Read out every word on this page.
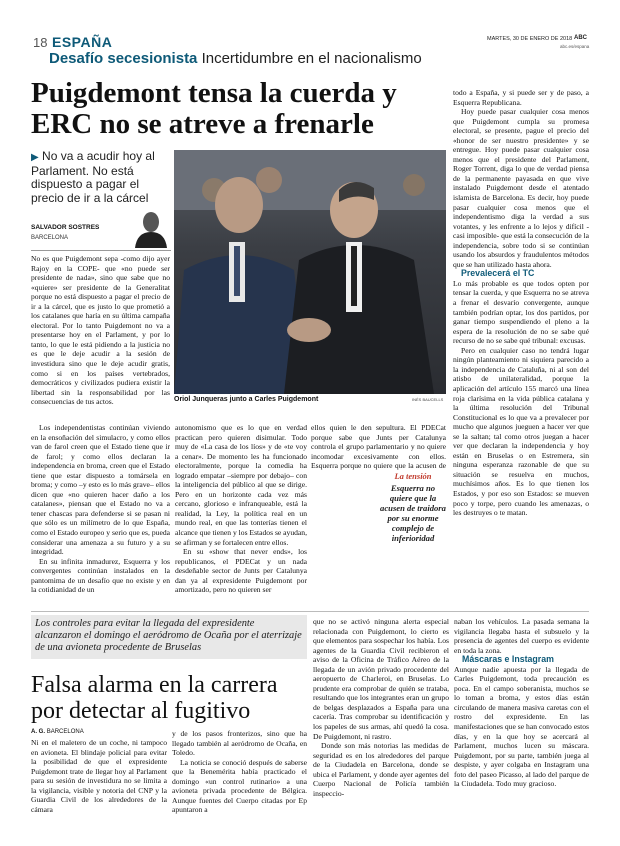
18 ESPAÑA	MARTES, 30 DE ENERO DE 2018 ABC
abc.es/espana
Desafío secesionista Incertidumbre en el nacionalismo
Puigdemont tensa la cuerda y ERC no se atreve a frenarle
▶ No va a acudir hoy al Parlament. No está dispuesto a pagar el precio de ir a la cárcel
SALVADOR SOSTRES
BARCELONA
Oriol Junqueras junto a Carles Puigdemont	INÉS BAUCELLS

No es que Puigdemont sepa -como dijo ayer Rajoy en la COPE- que «no puede ser presidente de nada», sino que sabe que no «quiere» ser presidente de la Generalitat porque no está dispuesto a pagar el precio de ir a la cárcel, que es justo lo que prometió a los catalanes que haría en su última campaña electoral. Por lo tanto Puigdemont no va a presentarse hoy en el Parlament, y por lo tanto, lo que le está pidiendo a la justicia no es que le deje acudir a la sesión de investidura sino que le deje acudir gratis, como si en los países vertebrados, democráticos y civilizados pudiera existir la libertad sin la responsabilidad por las consecuencias de tus actos.

Los independentistas continúan viviendo en la ensoñación del simulacro, y como ellos van de farol creen que el Estado tiene que ir de farol; y como ellos declaran la independencia en broma, creen que el Estado tiene que estar dispuesto a tomársela en broma; y como –y esto es lo más grave– ellos dicen que «no quieren hacer daño a los catalanes», piensan que el Estado no va a tener chascas para defenderse si se pasan ni que sólo es un milímetro de lo que España, como el Estado europeo y serio que es, pueda considerar una amenaza a su futuro y a su integridad.

En su infinita inmadurez, Esquerra y los convergentes continúan instalados en la pantomima de un desafío que no existe y en la cotidianidad de un

autonomismo que es lo que en verdad practican pero quieren disimular. Todo muy de «La casa de los líos» y de «te voy a cenar». De momento les ha funcionado electoralmente, porque la comedia ha logrado empatar –siempre por debajo– con la inteligencia del público al que se dirige. Pero en un horizonte cada vez más cercano, glorioso e infranqueable, está la realidad, la Ley, la política real en un mundo real, en que las tonterías tienen el alcance que tienen y los Estados se ayudan, se afirman y se fortalecen entre ellos.

En su «show that never ends», los republicanos, el PDECat y un nada desdeñable sector de Junts per Catalunya dan ya al expresidente Puigdemont por amortizado, pero no quieren ser

ellos quien le den sepultura. El PDECat porque sabe que Junts per Catalunya controla el grupo parlamentario y no quiere incomodar excesivamente con ellos. Esquerra porque no quiere que la acusen de

La tensión
Esquerra no quiere que la acusen de traidora por su enorme complejo de inferioridad

todo a España, y si puede ser y de paso, a Esquerra Republicana.

Hoy puede pasar cualquier cosa menos que Puigdemont cumpla su promesa electoral, se presente, pague el precio del «honor de ser nuestro presidente» y se entregue. Hoy puede pasar cualquier cosa menos que el presidente del Parlament, Roger Torrent, diga lo que de verdad piensa de la permanente payasada en que vive instalado Puigdemont desde el atentado islamista de Barcelona. Es decir, hoy puede pasar cualquier cosa menos que el independentismo diga la verdad a sus votantes, y les enfrente a lo lejos y difícil -casi imposible- que está la consecución de la independencia, sobre todo si se continúan usando los absurdos y fraudulentos métodos que se han utilizado hasta ahora.

Prevalecerá el TC

Lo más probable es que todos opten por tensar la cuerda, y que Esquerra no se atreva a frenar el desvarío convergente, aunque también podrían optar, los dos partidos, por ganar tiempo suspendiendo el pleno a la espera de la resolución de no se sabe qué recurso de no se sabe qué tribunal: excusas.

Pero en cualquier caso no tendrá lugar ningún planteamiento ni siquiera parecido a la independencia de Cataluña, ni al son del atisbo de unilateralidad, porque la aplicación del artículo 155 marcó una línea roja clarísima en la vida pública catalana y la última resolución del Tribunal Constitucional es lo que va a prevalecer por mucho que algunos jueguen a hacer ver que se la saltan; tal como otros juegan a hacer ver que declaran la independencia y hoy están en Bruselas o en Estremera, sin ninguna esperanza razonable de que su situación se resuelva en muchos, muchísimos años. Es lo que tienen los Estados, y por eso son Estados: se mueven poco y torpe, pero cuando les amenazas, o les destruyes o te matan.

Los controles para evitar la llegada del expresidente alcanzaron el domingo el aeródromo de Ocaña por el aterrizaje de una avioneta procedente de Bruselas
Falsa alarma en la carrera por detectar al fugitivo
A. G. BARCELONA

Ni en el maletero de un coche, ni tampoco en avioneta. El blindaje policial para evitar la posibilidad de que el expresidente Puigdemont trate de llegar hoy al Parlament para su sesión de investidura no se limita a la vigilancia, visible y notoria del CNP y la Guardia Civil de los alrededores de la cámara

y de los pasos fronterizos, sino que ha llegado también al aeródromo de Ocaña, en Toledo.

La noticia se conoció después de saberse que la Benemérita había practicado el domingo «un control rutinario» a una avioneta privada procedente de Bélgica. Aunque fuentes del Cuerpo citadas por Ep apuntaron a

que no se activó ninguna alerta especial relacionada con Puigdemont, lo cierto es que elementos para sospechar los había. Los agentes de la Guardia Civil recibieron el aviso de la Oficina de Tráfico Aéreo de la llegada de un avión privado procedente del aeropuerto de Charleroi, en Bruselas. Lo prudente era comprobar de quién se trataba, resultando que los integrantes eran un grupo de belgas desplazados a España para una cacería. Tras comprobar su identificación y los papeles de sus armas, ahí quedó la cosa. De Puigdemont, ni rastro.

Donde son más notorias las medidas de seguridad es en los alrededores del parque de la Ciudadela en Barcelona, donde se ubica el Parlament, y donde ayer agentes del Cuerpo Nacional de Policía también inspeccio-

naban los vehículos. La pasada semana la vigilancia llegaba hasta el subsuelo y la presencia de agentes del cuerpo es evidente en toda la zona.

Máscaras e Instagram

Aunque nadie apuesta por la llegada de Carles Puigdemont, toda precaución es poca. En el campo soberanista, muchos se lo toman a broma, y estos días están circulando de manera masiva caretas con el rostro del expresidente. En las manifestaciones que se han convocado estos días, y en la que hoy se acercará al Parlament, muchos lucen su máscara. Puigdemont, por su parte, también juega al despiste, y ayer colgaba en Instagram una foto del paseo Picasso, al lado del parque de la Ciudadela. Todo muy gracioso.
